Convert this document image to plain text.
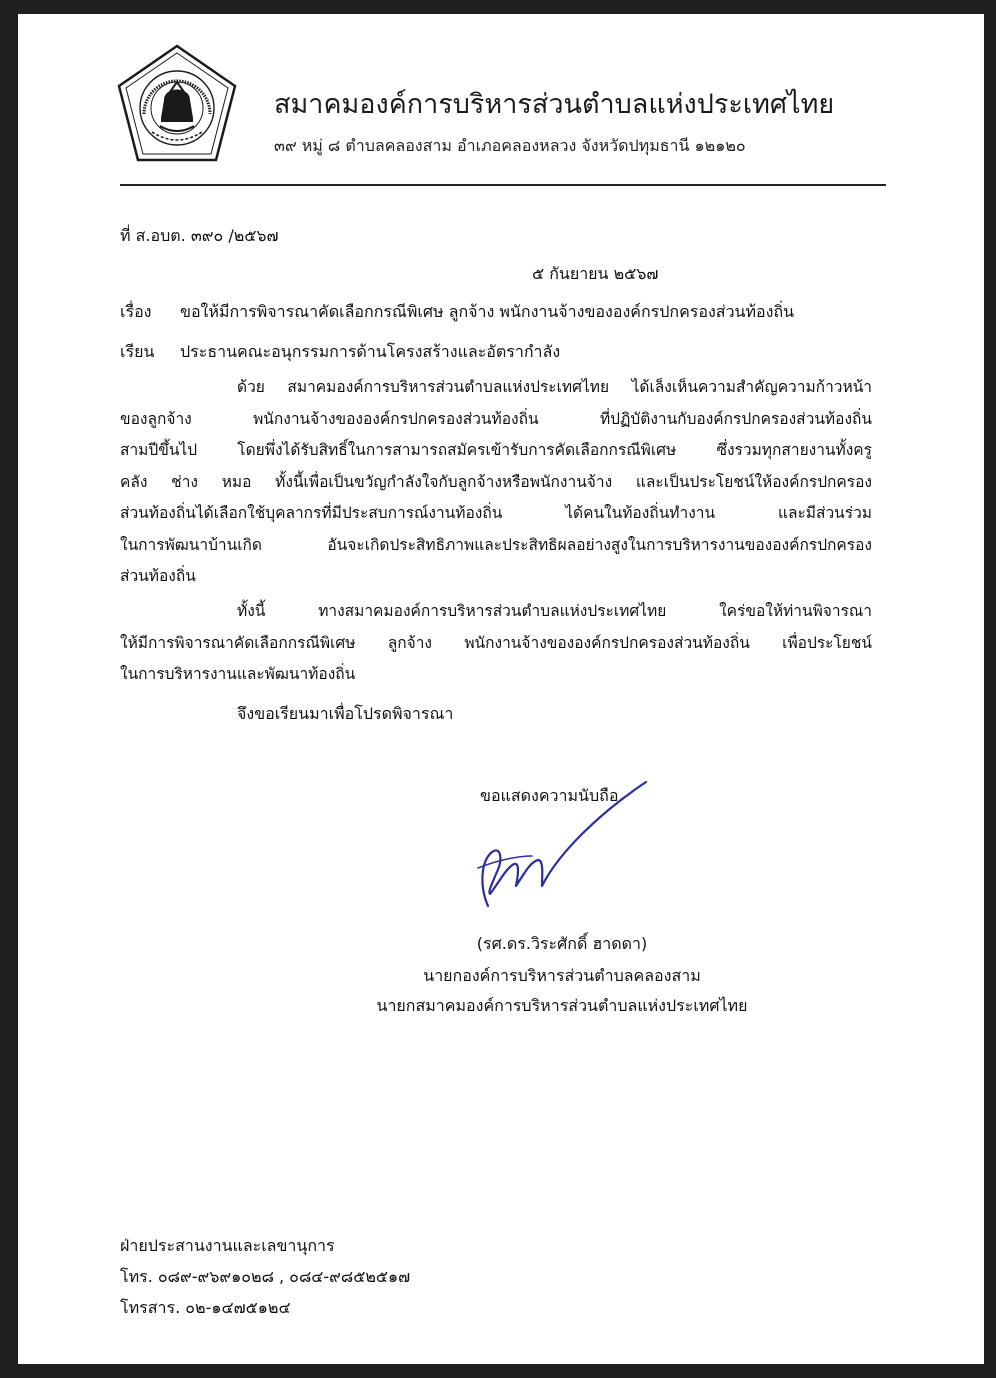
สมาคมองค์การบริหารส่วนตำบลแห่งประเทศไทย
๓๙ หมู่ ๘ ตำบลคลองสาม อำเภอคลองหลวง จังหวัดปทุมธานี ๑๒๑๒๐
ที่ ส.อบต. ๓๙๐ /๒๕๖๗
๕ กันยายน ๒๕๖๗
เรื่อง ขอให้มีการพิจารณาคัดเลือกกรณีพิเศษ ลูกจ้าง พนักงานจ้างขององค์กรปกครองส่วนท้องถิ่น
เรียน ประธานคณะอนุกรรมการด้านโครงสร้างและอัตรากำลัง
ด้วย สมาคมองค์การบริหารส่วนตำบลแห่งประเทศไทย ได้เล็งเห็นความสำคัญความก้าวหน้า
ของลูกจ้าง พนักงานจ้างขององค์กรปกครองส่วนท้องถิ่น ที่ปฏิบัติงานกับองค์กรปกครองส่วนท้องถิ่น
สามปีขึ้นไป โดยพึ่งได้รับสิทธิ์ในการสามารถสมัครเข้ารับการคัดเลือกกรณีพิเศษ ซึ่งรวมทุกสายงานทั้งครู
คลัง ช่าง หมอ ทั้งนี้เพื่อเป็นขวัญกำลังใจกับลูกจ้างหรือพนักงานจ้าง และเป็นประโยชน์ให้องค์กรปกครอง
ส่วนท้องถิ่นได้เลือกใช้บุคลากรที่มีประสบการณ์งานท้องถิ่น ได้คนในท้องถิ่นทำงาน และมีส่วนร่วม
ในการพัฒนาบ้านเกิด อันจะเกิดประสิทธิภาพและประสิทธิผลอย่างสูงในการบริหารงานขององค์กรปกครอง
ส่วนท้องถิ่น
ทั้งนี้ ทางสมาคมองค์การบริหารส่วนตำบลแห่งประเทศไทย ใคร่ขอให้ท่านพิจารณา
ให้มีการพิจารณาคัดเลือกกรณีพิเศษ ลูกจ้าง พนักงานจ้างขององค์กรปกครองส่วนท้องถิ่น เพื่อประโยชน์
ในการบริหารงานและพัฒนาท้องถิ่น
จึงขอเรียนมาเพื่อโปรดพิจารณา
ขอแสดงความนับถือ
(รศ.ดร.วิระศักดิ์ ฮาดดา)
นายกองค์การบริหารส่วนตำบลคลองสาม
นายกสมาคมองค์การบริหารส่วนตำบลแห่งประเทศไทย
ฝ่ายประสานงานและเลขานุการ
โทร. ๐๘๙-๙๖๙๑๐๒๘ , ๐๘๔-๙๘๕๒๕๑๗
โทรสาร. ๐๒-๑๔๗๕๑๒๔
